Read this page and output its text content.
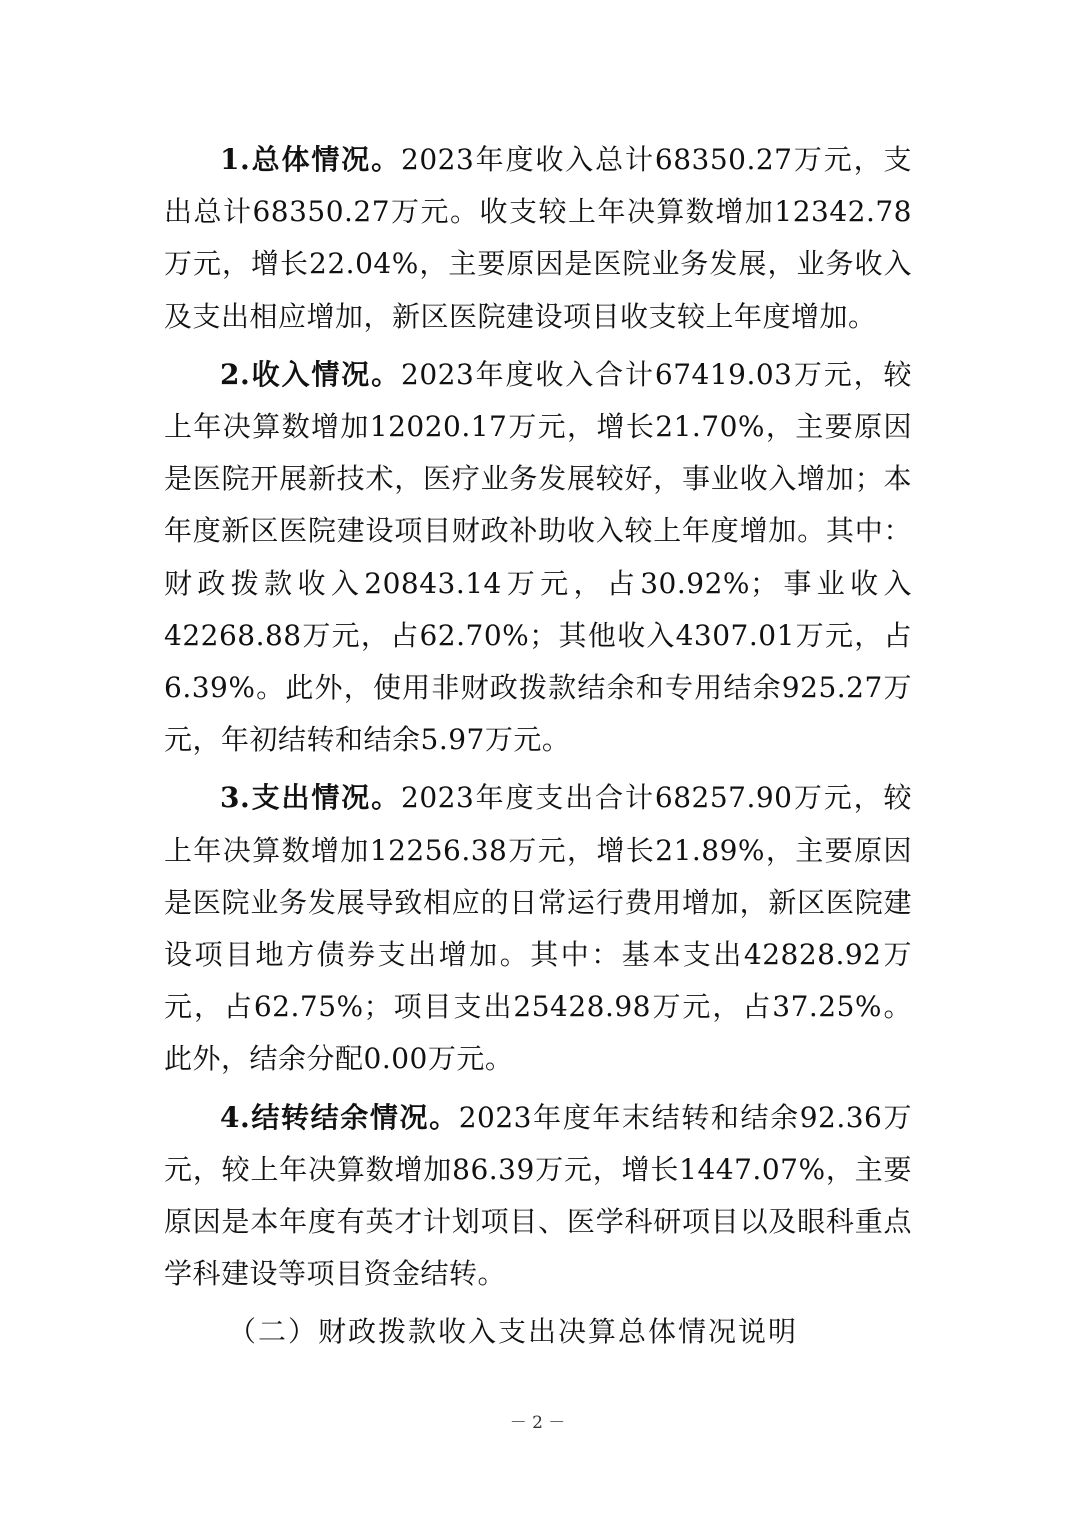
1.总体情况。2023年度收入总计68350.27万元，支出总计68350.27万元。收支较上年决算数增加12342.78万元，增长22.04%，主要原因是医院业务发展，业务收入及支出相应增加，新区医院建设项目收支较上年度增加。

2.收入情况。2023年度收入合计67419.03万元，较上年决算数增加12020.17万元，增长21.70%，主要原因是医院开展新技术，医疗业务发展较好，事业收入增加；本年度新区医院建设项目财政补助收入较上年度增加。其中：财政拨款收入20843.14万元，占30.92%；事业收入42268.88万元，占62.70%；其他收入4307.01万元，占6.39%。此外，使用非财政拨款结余和专用结余925.27万元，年初结转和结余5.97万元。

3.支出情况。2023年度支出合计68257.90万元，较上年决算数增加12256.38万元，增长21.89%，主要原因是医院业务发展导致相应的日常运行费用增加，新区医院建设项目地方债券支出增加。其中：基本支出42828.92万元，占62.75%；项目支出25428.98万元，占37.25%。此外，结余分配0.00万元。

4.结转结余情况。2023年度年末结转和结余92.36万元，较上年决算数增加86.39万元，增长1447.07%，主要原因是本年度有英才计划项目、医学科研项目以及眼科重点学科建设等项目资金结转。

（二）财政拨款收入支出决算总体情况说明

－ 2 －
